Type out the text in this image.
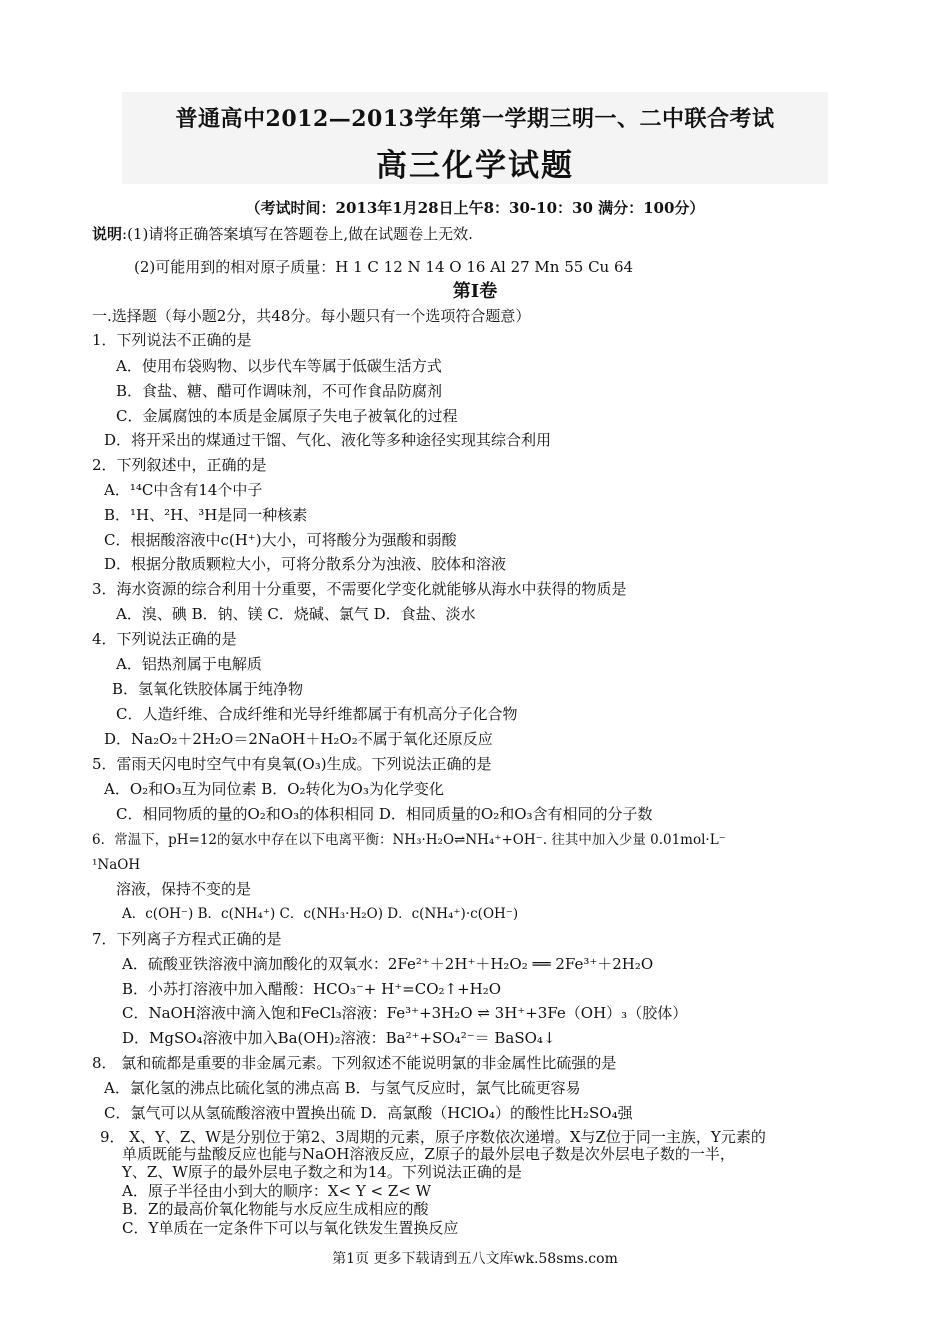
普通高中2012—2013学年第一学期三明一、二中联合考试
高三化学试题
（考试时间：2013年1月28日上午8：30-10：30 满分：100分）
说明:(1)请将正确答案填写在答题卷上,做在试题卷上无效.
(2)可能用到的相对原子质量：H 1 C 12 N 14 O 16 Al 27 Mn 55 Cu 64
第Ⅰ卷
一.选择题（每小题2分，共48分。每小题只有一个选项符合题意）
1．下列说法不正确的是
A．使用布袋购物、以步代车等属于低碳生活方式
B．食盐、糖、醋可作调味剂，不可作食品防腐剂
C．金属腐蚀的本质是金属原子失电子被氧化的过程
D．将开采出的煤通过干馏、气化、液化等多种途径实现其综合利用
2．下列叙述中，正确的是
A．¹⁴C中含有14个中子
B．¹H、²H、³H是同一种核素
C．根据酸溶液中c(H⁺)大小，可将酸分为强酸和弱酸
D．根据分散质颗粒大小，可将分散系分为浊液、胶体和溶液
3．海水资源的综合利用十分重要，不需要化学变化就能够从海水中获得的物质是
A．溴、碘 B．钠、镁 C．烧碱、氯气 D．食盐、淡水
4．下列说法正确的是
A．铝热剂属于电解质
B．氢氧化铁胶体属于纯净物
C．人造纤维、合成纤维和光导纤维都属于有机高分子化合物
D．Na₂O₂＋2H₂O＝2NaOH＋H₂O₂不属于氧化还原反应
5．雷雨天闪电时空气中有臭氧(O₃)生成。下列说法正确的是
A．O₂和O₃互为同位素 B．O₂转化为O₃为化学变化
C．相同物质的量的O₂和O₃的体积相同 D．相同质量的O₂和O₃含有相同的分子数
6．常温下，pH=12的氨水中存在以下电离平衡：NH₃·H₂O⇌NH₄⁺+OH⁻. 往其中加入少量 0.01mol·L⁻
¹NaOH
溶液，保持不变的是
A．c(OH⁻) B．c(NH₄⁺) C．c(NH₃·H₂O) D．c(NH₄⁺)·c(OH⁻)
7．下列离子方程式正确的是
A．硫酸亚铁溶液中滴加酸化的双氧水：2Fe²⁺＋2H⁺＋H₂O₂ ══ 2Fe³⁺＋2H₂O
B．小苏打溶液中加入醋酸：HCO₃⁻+ H⁺=CO₂↑+H₂O
C．NaOH溶液中滴入饱和FeCl₃溶液：Fe³⁺+3H₂O ⇌ 3H⁺+3Fe（OH）₃（胶体）
D．MgSO₄溶液中加入Ba(OH)₂溶液：Ba²⁺+SO₄²⁻＝ BaSO₄↓
8． 氯和硫都是重要的非金属元素。下列叙述不能说明氯的非金属性比硫强的是
A．氯化氢的沸点比硫化氢的沸点高 B．与氢气反应时，氯气比硫更容易
C．氯气可以从氢硫酸溶液中置换出硫 D．高氯酸（HClO₄）的酸性比H₂SO₄强
9． X、Y、Z、W是分别位于第2、3周期的元素，原子序数依次递增。X与Z位于同一主族，Y元素的
单质既能与盐酸反应也能与NaOH溶液反应，Z原子的最外层电子数是次外层电子数的一半，
Y、Z、W原子的最外层电子数之和为14。下列说法正确的是
A．原子半径由小到大的顺序：X< Y < Z< W
B．Z的最高价氧化物能与水反应生成相应的酸
C．Y单质在一定条件下可以与氧化铁发生置换反应
第1页 更多下载请到五八文库wk.58sms.com
